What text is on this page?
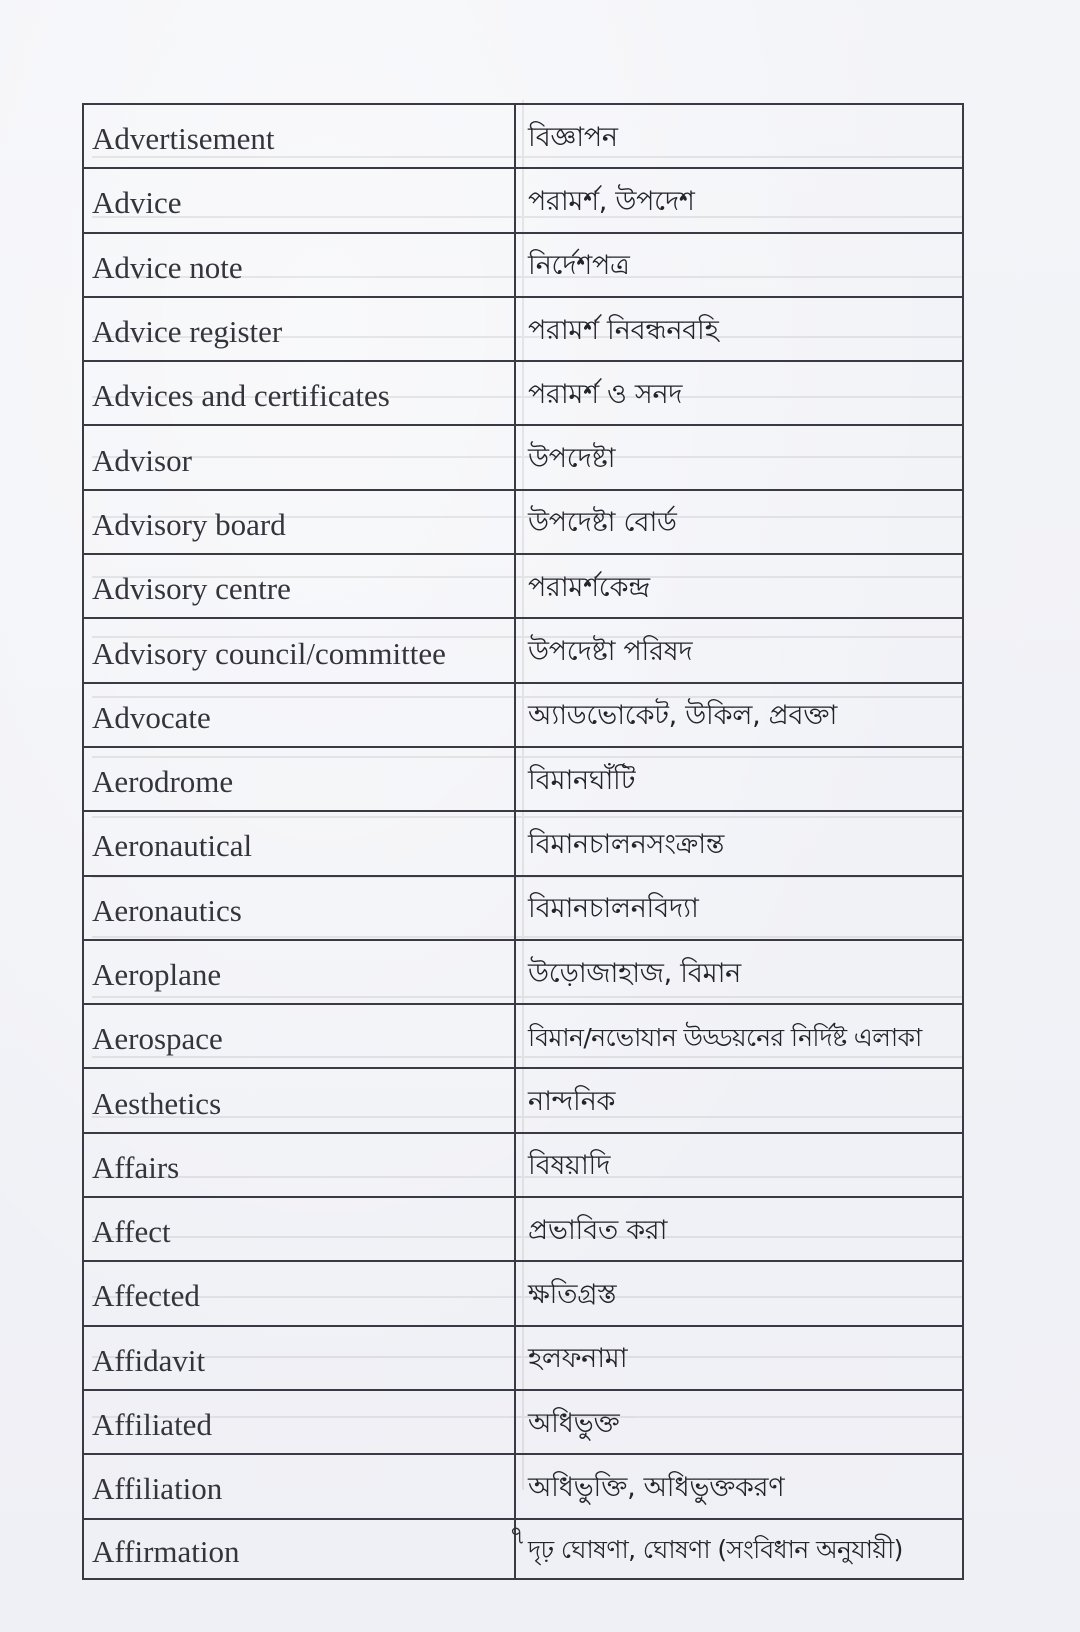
Advertisement	বিজ্ঞাপন
Advice	পরামর্শ, উপদেশ
Advice note	নির্দেশপত্র
Advice register	পরামর্শ নিবন্ধনবহি
Advices and certificates	পরামর্শ ও সনদ
Advisor	উপদেষ্টা
Advisory board	উপদেষ্টা বোর্ড
Advisory centre	পরামর্শকেন্দ্র
Advisory council/committee	উপদেষ্টা পরিষদ
Advocate	অ্যাডভোকেট, উকিল, প্রবক্তা
Aerodrome	বিমানঘাঁটি
Aeronautical	বিমানচালনসংক্রান্ত
Aeronautics	বিমানচালনবিদ্যা
Aeroplane	উড়োজাহাজ, বিমান
Aerospace	বিমান/নভোযান উড্ডয়নের নির্দিষ্ট এলাকা
Aesthetics	নান্দনিক
Affairs	বিষয়াদি
Affect	প্রভাবিত করা
Affected	ক্ষতিগ্রস্ত
Affidavit	হলফনামা
Affiliated	অধিভুক্ত
Affiliation	অধিভুক্তি, অধিভুক্তকরণ
Affirmation	দৃঢ় ঘোষণা, ঘোষণা (সংবিধান অনুযায়ী)
৭
